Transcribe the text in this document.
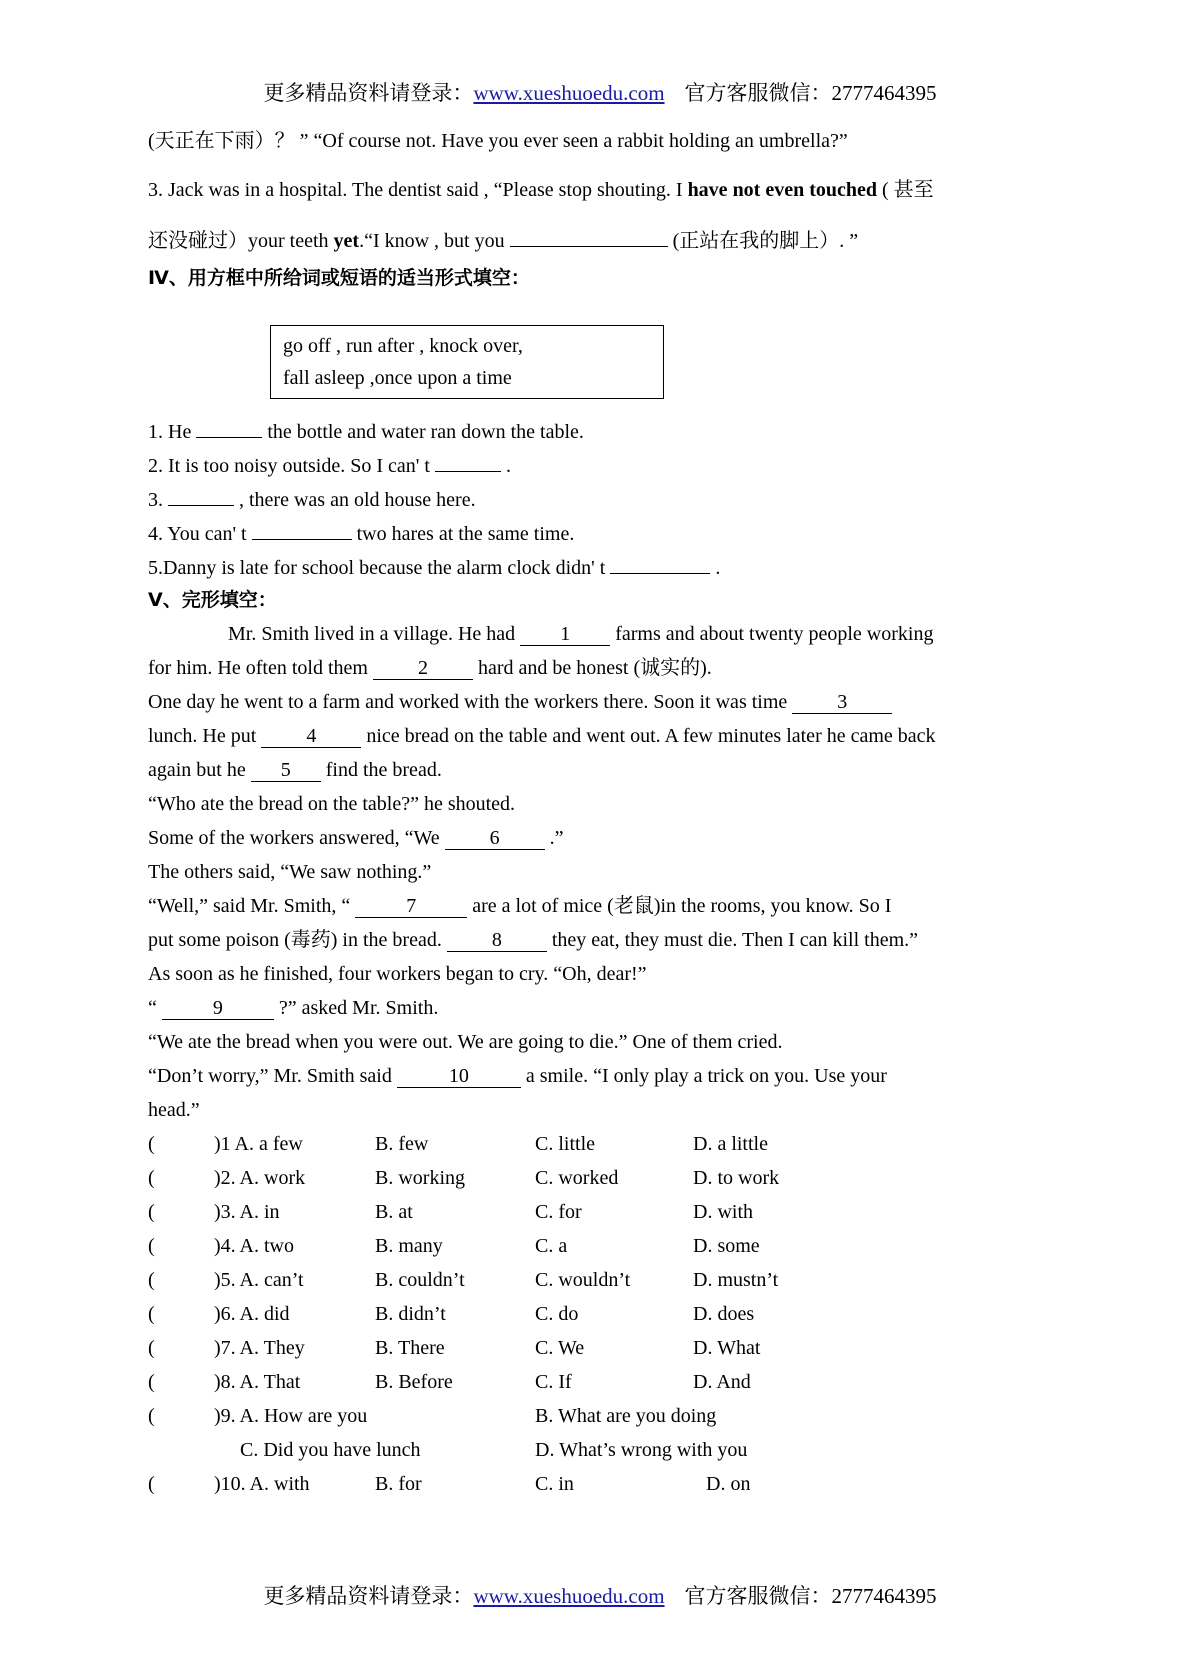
更多精品资料请登录：www.xueshuoedu.com 官方客服微信：2777464395
(天正在下雨）？ ” “Of course not. Have you ever seen a rabbit holding an umbrella?”
3. Jack was in a hospital. The dentist said , “Please stop shouting. I have not even touched ( 甚至
还没碰过）your teeth yet.“I know , but you	(正站在我的脚上）. ”
Ⅳ、用方框中所给词或短语的适当形式填空：
go off , run after , knock over,
fall asleep ,once upon a time
1. He	the bottle and water ran down the table.
2. It is too noisy outside. So I can' t	.
3.	, there was an old house here.
4. You can' t	two hares at the same time.
5.Danny is late for school because the alarm clock didn' t	.
V、完形填空：
Mr. Smith lived in a village. He had 1 farms and about twenty people working
for him. He often told them 2 hard and be honest (诚实的).
One day he went to a farm and worked with the workers there. Soon it was time 3
lunch. He put 4 nice bread on the table and went out. A few minutes later he came back
again but he 5 find the bread.
“Who ate the bread on the table?” he shouted.
Some of the workers answered, “We 6 .”
The others said, “We saw nothing.”
“Well,” said Mr. Smith, “	7	are a lot of mice (老鼠)in the rooms, you know. So I
put some poison (毒药) in the bread. 8 they eat, they must die. Then I can kill them.”
As soon as he finished, four workers began to cry. “Oh, dear!”
“	9	?” asked Mr. Smith.
“We ate the bread when you were out. We are going to die.” One of them cried.
“Don’t worry,” Mr. Smith said	10	a smile. “I only play a trick on you. Use your
head.”
(	)1 A. a few	B. few	C. little	D. a little
(	)2. A. work	B. working	C. worked	D. to work
(	)3. A. in	B. at	C. for	D. with
(	)4. A. two	B. many	C. a	D. some
(	)5. A. can’t	B. couldn’t	C. wouldn’t	D. mustn’t
(	)6. A. did	B. didn’t	C. do	D. does
(	)7. A. They	B. There	C. We	D. What
(	)8. A. That	B. Before	C. If	D. And
(	)9. A. How are you	B. What are you doing
C. Did you have lunch	D. What’s wrong with you
(	)10. A. with	B. for	C. in	D. on
更多精品资料请登录：www.xueshuoedu.com 官方客服微信：2777464395
